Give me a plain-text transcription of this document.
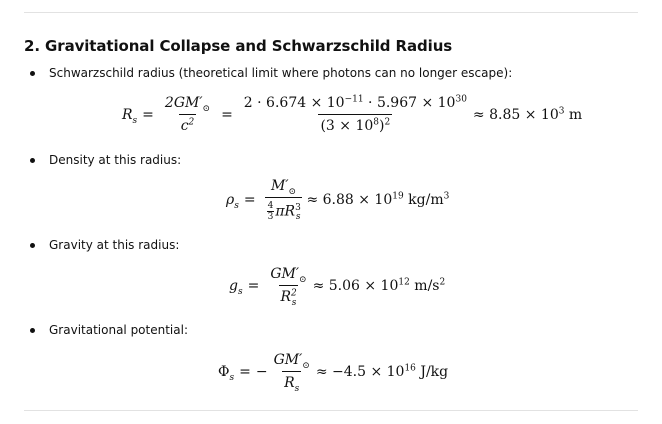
2. Gravitational Collapse and Schwarzschild Radius
Schwarzschild radius (theoretical limit where photons can no longer escape):
$R_s = \frac{2GM'_⊙}{c^2} = \frac{2 \cdot 6.674 \times 10^{-11} \cdot 5.967 \times 10^{30}}{(3 \times 10^8)^2} \approx 8.85 \times 10^3$ m
Density at this radius:
$\rho_s = \frac{M'_⊙}{\frac{4}{3} \pi R^3_s} \approx 6.88 \times 10^{19}$ $kg/m^3$
Gravity at this radius:
$g_s = \frac{GM'_⊙}{R^2_s} \approx 5.06 \times 10^{12}$ $m/s^2$
Gravitational potential:
$\Phi_s$ = − $\frac{GM'_⊙}{R_s} \approx -4.5 \times 10^{16}$ J/kg
